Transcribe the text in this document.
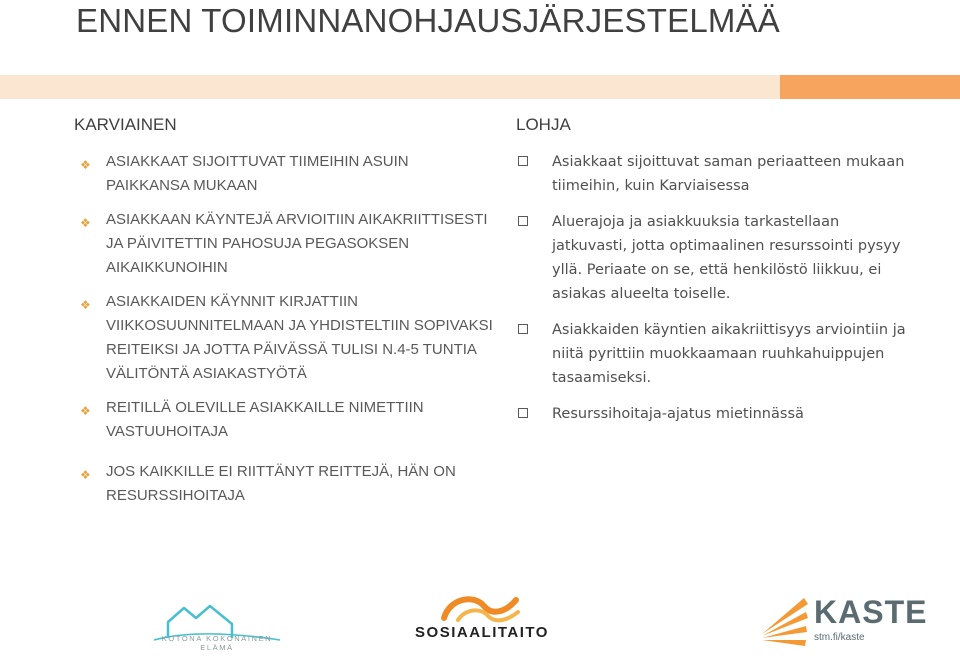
ENNEN TOIMINNANOHJAUSJÄRJESTELMÄÄ
KARVIAINEN
❖ ASIAKKAAT SIJOITTUVAT TIIMEIHIN ASUIN PAIKKANSA MUKAAN
❖ ASIAKKAAN KÄYNTEJÄ ARVIOITIIN AIKAKRIITTISESTI JA PÄIVITETTIN PAHOSUJA PEGASOKSEN AIKAIKKUNOIHIN
❖ ASIAKKAIDEN KÄYNNIT KIRJATTIIN VIIKKOSUUNNITELMAAN JA YHDISTELTIIN SOPIVAKSI REITEIKSI JA JOTTA PÄIVÄSSÄ TULISI N.4-5 TUNTIA VÄLITÖNTÄ ASIAKASTYÖTÄ
❖ REITILLÄ OLEVILLE ASIAKKAILLE NIMETTIIN VASTUUHOITAJA
❖ JOS KAIKKILLE EI RIITTÄNYT REITTEJÄ, HÄN ON RESURSSIHOITAJA
LOHJA
Asiakkaat sijoittuvat saman periaatteen mukaan tiimeihin, kuin Karviaisessa
Aluerajoja ja asiakkuuksia tarkastellaan jatkuvasti, jotta optimaalinen resurssointi pysyy yllä. Periaate on se, että henkilöstö liikkuu, ei asiakas alueelta toiselle.
Asiakkaiden käyntien aikakriittisyys arviointiin ja niitä pyrittiin muokkaamaan ruuhkahuippujen tasaamiseksi.
Resurssihoitaja-ajatus mietinnässä
KOTONA KOKONAINEN ELÄMÄ
SOSIAALITAITO
KASTE
stm.fi/kaste
